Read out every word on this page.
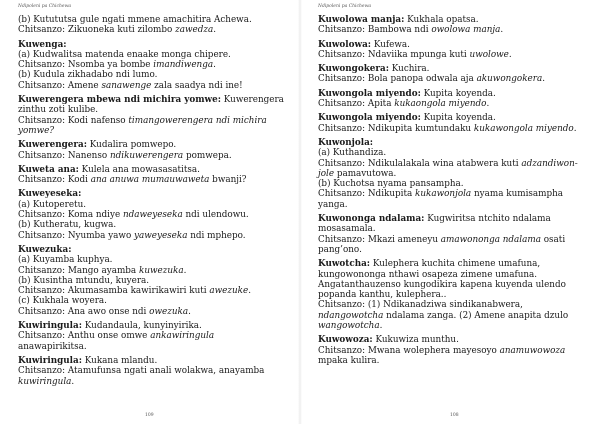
Ndipoleni pa Chichewa
(b) Kutututsa gule ngati mmene amachitira Achewa.
Chitsanzo: Zikuoneka kuti zilombo zawedza.
Kuwenga:
(a) Kudwalitsa matenda enaake monga chipere.
Chitsanzo: Nsomba ya bombe imandiwenga.
(b) Kudula zikhadabo ndi lumo.
Chitsanzo: Amene sanawenge zala saadya ndi ine!
Kuwerengera mbewa ndi michira yomwe: Kuwerengera
zinthu zoti kulibe.
Chitsanzo: Kodi nafenso timangowerengera ndi michira
yomwe?
Kuwerengera: Kudalira pomwepo.
Chitsanzo: Nanenso ndikuwerengera pomwepa.
Kuweta ana: Kulela ana mowasasatitsa.
Chitsanzo: Kodi ana anuwa mumauwaweta bwanji?
Kuweyeseka:
(a) Kutoperetu.
Chitsanzo: Koma ndiye ndaweyeseka ndi ulendowu.
(b) Kutheratu, kugwa.
Chitsanzo: Nyumba yawo yaweyeseka ndi mphepo.
Kuwezuka:
(a) Kuyamba kuphya.
Chitsanzo: Mango ayamba kuwezuka.
(b) Kusintha mtundu, kuyera.
Chitsanzo: Akumasamba kawirikawiri kuti awezuke.
(c) Kukhala woyera.
Chitsanzo: Ana awo onse ndi owezuka.
Kuwiringula: Kudandaula, kunyinyirika.
Chitsanzo: Anthu onse omwe ankawiringula
anawapirikitsa.
Kuwiringula: Kukana mlandu.
Chitsanzo: Atamufunsa ngati anali wolakwa, anayamba
kuwiringula.
109
Ndipoleni pa Chichewa
Kuwolowa manja: Kukhala opatsa.
Chitsanzo: Bambowa ndi owolowa manja.
Kuwolowa: Kufewa.
Chitsanzo: Ndaviika mpunga kuti uwolowe.
Kuwongokera: Kuchira.
Chitsanzo: Bola panopa odwala aja akuwongokera.
Kuwongola miyendo: Kupita koyenda.
Chitsanzo: Apita kukaongola miyendo.
Kuwongola miyendo: Kupita koyenda.
Chitsanzo: Ndikupita kumtundaku kukawongola miyendo.
Kuwonjola:
(a) Kuthandiza.
Chitsanzo: Ndikulalakala wina atabwera kuti adzandiwon-
jole pamavutowa.
(b) Kuchotsa nyama pansampha.
Chitsanzo: Ndikupita kukawonjola nyama kumisampha
yanga.
Kuwononga ndalama: Kugwiritsa ntchito ndalama
mosasamala.
Chitsanzo: Mkazi ameneyu amawononga ndalama osati
pang’ono.
Kuwotcha: Kulephera kuchita chimene umafuna,
kungowononga nthawi osapeza zimene umafuna.
Angatanthauzenso kungodikira kapena kuyenda ulendo
popanda kanthu, kulephera..
Chitsanzo: (1) Ndikanadziwa sindikanabwera,
ndangowotcha ndalama zanga. (2) Amene anapita dzulo
wangowotcha.
Kuwowoza: Kukuwiza munthu.
Chitsanzo: Mwana wolephera mayesoyo anamuwowoza
mpaka kulira.
108
